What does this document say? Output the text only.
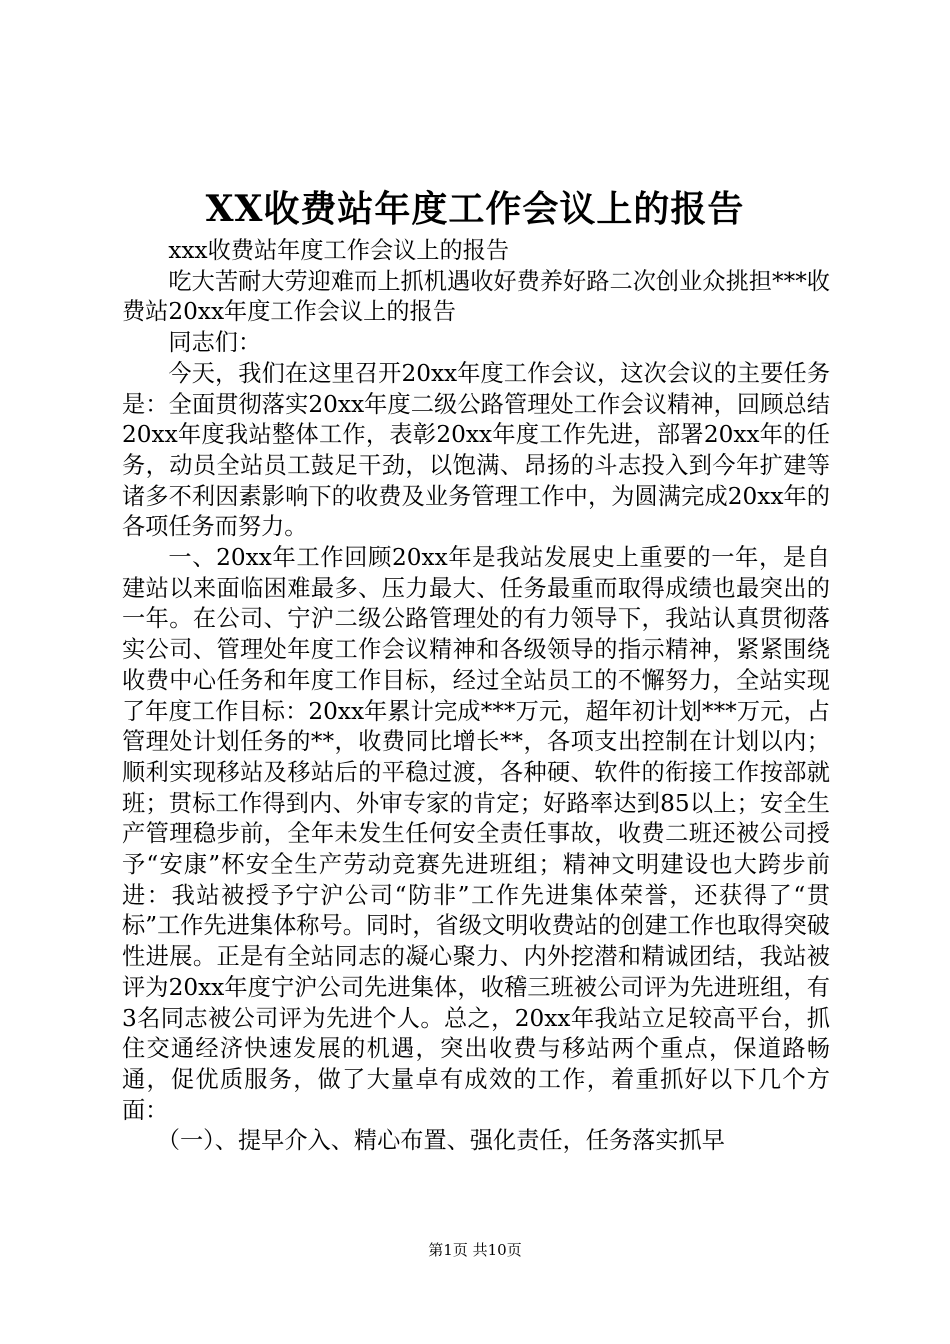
XX收费站年度工作会议上的报告

xxx收费站年度工作会议上的报告

吃大苦耐大劳迎难而上抓机遇收好费养好路二次创业众挑担***收费站20xx年度工作会议上的报告

同志们：

今天，我们在这里召开20xx年度工作会议，这次会议的主要任务是：全面贯彻落实20xx年度二级公路管理处工作会议精神，回顾总结20xx年度我站整体工作，表彰20xx年度工作先进，部署20xx年的任务，动员全站员工鼓足干劲，以饱满、昂扬的斗志投入到今年扩建等诸多不利因素影响下的收费及业务管理工作中，为圆满完成20xx年的各项任务而努力。

一、20xx年工作回顾20xx年是我站发展史上重要的一年，是自建站以来面临困难最多、压力最大、任务最重而取得成绩也最突出的一年。在公司、宁沪二级公路管理处的有力领导下，我站认真贯彻落实公司、管理处年度工作会议精神和各级领导的指示精神，紧紧围绕收费中心任务和年度工作目标，经过全站员工的不懈努力，全站实现了年度工作目标：20xx年累计完成***万元，超年初计划***万元，占管理处计划任务的**，收费同比增长**，各项支出控制在计划以内；顺利实现移站及移站后的平稳过渡，各种硬、软件的衔接工作按部就班；贯标工作得到内、外审专家的肯定；好路率达到85以上；安全生产管理稳步前，全年未发生任何安全责任事故，收费二班还被公司授予“安康”杯安全生产劳动竞赛先进班组；精神文明建设也大跨步前进：我站被授予宁沪公司“防非”工作先进集体荣誉，还获得了“贯标”工作先进集体称号。同时，省级文明收费站的创建工作也取得突破性进展。正是有全站同志的凝心聚力、内外挖潜和精诚团结，我站被评为20xx年度宁沪公司先进集体，收稽三班被公司评为先进班组，有3名同志被公司评为先进个人。总之，20xx年我站立足较高平台，抓住交通经济快速发展的机遇，突出收费与移站两个重点，保道路畅通，促优质服务，做了大量卓有成效的工作，着重抓好以下几个方面：

（一）、提早介入、精心布置、强化责任，任务落实抓早

第1页 共10页
